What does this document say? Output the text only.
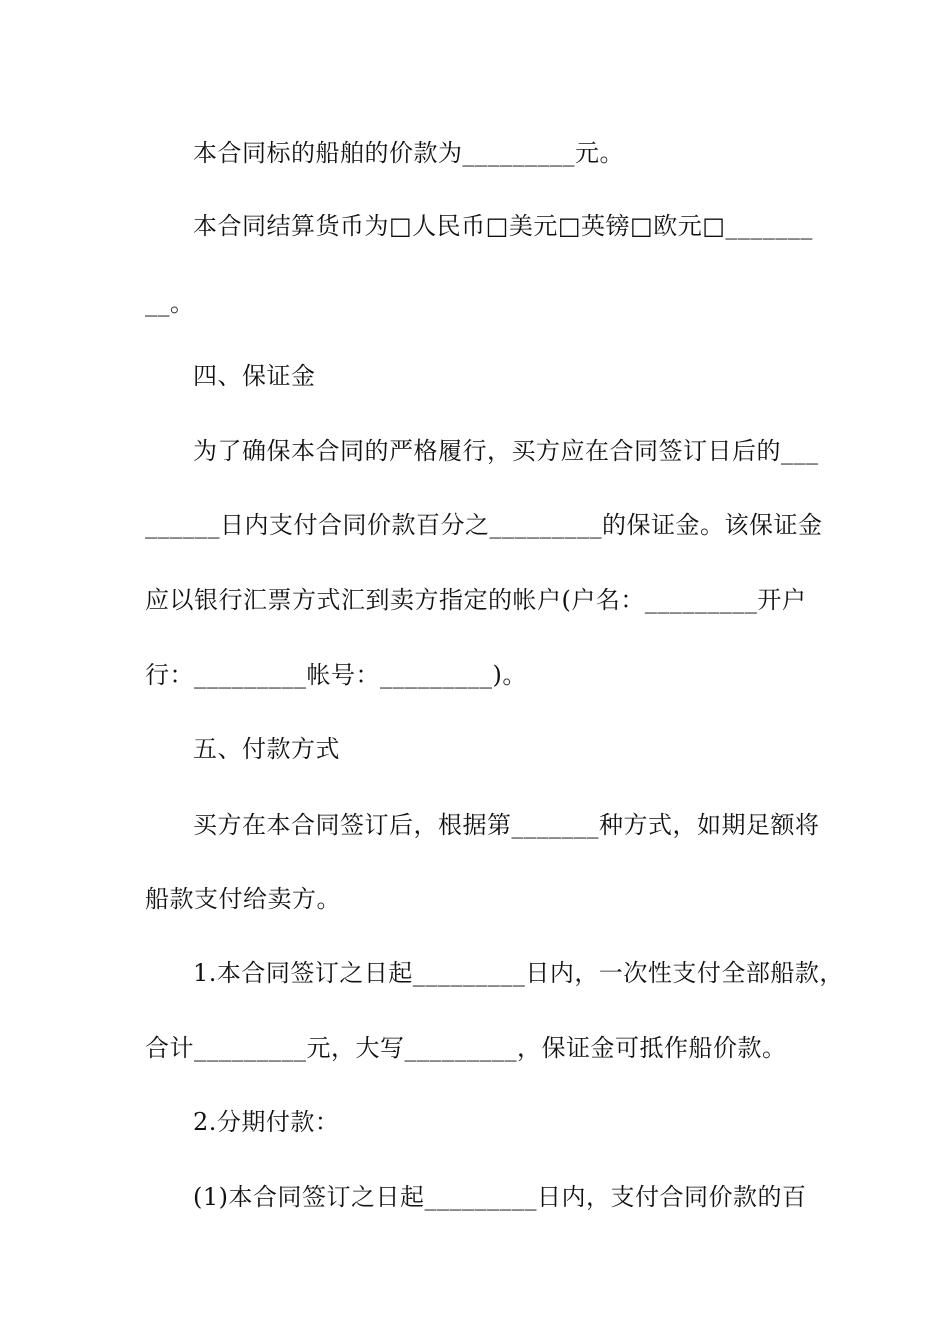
本合同标的船舶的价款为_________元。
本合同结算货币为□人民币□美元□英镑□欧元□_______
__。
四、保证金
为了确保本合同的严格履行，买方应在合同签订日后的___
______日内支付合同价款百分之_________的保证金。该保证金
应以银行汇票方式汇到卖方指定的帐户(户名：_________开户
行：_________帐号：_________)。
五、付款方式
买方在本合同签订后，根据第_______种方式，如期足额将
船款支付给卖方。
1.本合同签订之日起_________日内，一次性支付全部船款，
合计_________元，大写_________，保证金可抵作船价款。
2.分期付款：
(1)本合同签订之日起_________日内，支付合同价款的百
